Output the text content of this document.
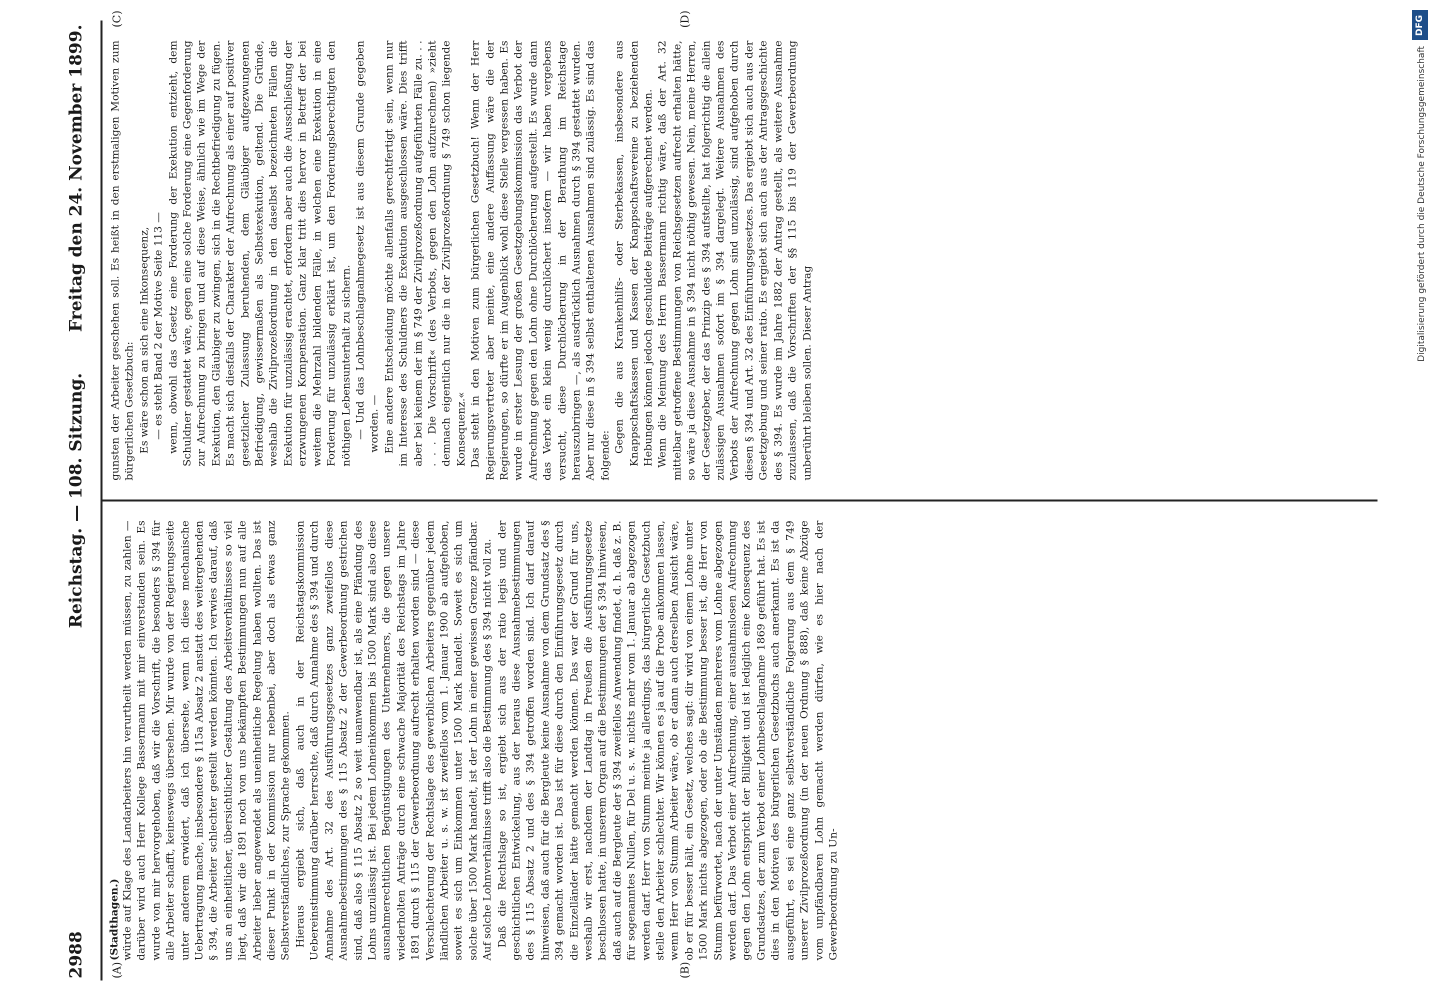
2988
Reichstag. — 108. Sitzung.
Freitag den 24. November 1899.
(A)	(B)
(C)	(D)
(Stadthagen.) würde auf Klage des Landarbeiters hin verurtheilt werden müssen, zu zahlen — darüber wird auch Herr Kollege Bassermann mit mir einverstanden sein. Es wurde von mir hervorgehoben, daß wir die Vorschrift, die besonders § 394 für alle Arbeiter schafft, keineswegs übersehen. Mir wurde von der Regierungsseite unter anderem erwidert, daß ich übersehe, wenn ich diese mechanische Uebertragung mache, insbesondere § 115a Absatz 2 anstatt des weitergehenden § 394, die Arbeiter schlechter gestellt werden könnten. Ich verwies darauf, daß uns an einheitlicher, übersichtlicher Gestaltung des Arbeitsverhältnisses so viel liegt, daß wir die 1891 noch von uns bekämpften Bestimmungen nun auf alle Arbeiter lieber angewendet als uneinheitliche Regelung haben wollten. Das ist dieser Punkt in der Kommission nur nebenbei, aber doch als etwas ganz Selbstverständliches, zur Sprache gekommen. Hieraus ergiebt sich, daß auch in der Reichstagskommission Uebereinstimmung darüber herrschte, daß durch Annahme des § 394 und durch Annahme des Art. 32 des Ausführungsgesetzes ganz zweifellos diese Ausnahmebestimmungen des § 115 Absatz 2 der Gewerbeordnung gestrichen sind, daß also § 115 Absatz 2 so weit unanwendbar ist, als eine Pfändung des Lohns unzulässig ist. Bei jedem Lohneinkommen bis 1500 Mark sind also diese ausnahmerechtlichen Begünstigungen des Unternehmers, die gegen unsere wiederholten Anträge durch eine schwache Majorität des Reichstags im Jahre 1891 durch § 115 der Gewerbeordnung aufrecht erhalten worden sind — diese Verschlechterung der Rechtslage des gewerblichen Arbeiters gegenüber jedem ländlichen Arbeiter u. s. w. ist zweifellos vom 1. Januar 1900 ab aufgehoben, soweit es sich um Einkommen unter 1500 Mark handelt. Soweit es sich um solche über 1500 Mark handelt, ist der Lohn in einer gewissen Grenze pfändbar. Auf solche Lohnverhältnisse trifft also die Bestimmung des § 394 nicht voll zu. Daß die Rechtslage so ist, ergiebt sich aus der ratio legis und der geschichtlichen Entwickelung, aus der heraus diese Ausnahmebestimmungen des § 115 Absatz 2 und des § 394 getroffen worden sind. Ich darf darauf hinweisen, daß auch für die Bergleute keine Ausnahme von dem Grundsatz des § 394 gemacht worden ist. Das ist für diese durch den Einführungsgesetz durch die Einzelländer hätte gemacht werden können. Das war der Grund für uns, weshalb wir erst, nachdem der Landtag in Preußen die Ausführungsgesetze beschlossen hatte, in unserem Organ auf die Bestimmungen der § 394 hinwiesen, daß auch auf die Bergleute der § 394 zweifellos Anwendung findet, d. h. daß z. B. für sogenanntes Nullen, für Del u. s. w. nichts mehr vom 1. Januar ab abgezogen werden darf. Herr von Stumm meinte ja allerdings, das bürgerliche Gesetzbuch stelle den Arbeiter schlechter. Wir können es ja auf die Probe ankommen lassen, wenn Herr von Stumm Arbeiter wäre, ob er dann auch derselben Ansicht wäre, ob er für besser hält, ein Gesetz, welches sagt: dir wird von einem Lohne unter 1500 Mark nichts abgezogen, oder ob die Bestimmung besser ist, die Herr von Stumm befürwortet, nach der unter Umständen mehreres vom Lohne abgezogen werden darf. Das Verbot einer Aufrechnung, einer ausnahmslosen Aufrechnung gegen den Lohn entspricht der Billigkeit und ist lediglich eine Konsequenz des Grundsatzes, der zum Verbot einer Lohnbeschlagnahme 1869 geführt hat. Es ist dies in den Motiven des bürgerlichen Gesetzbuchs auch anerkannt. Es ist da ausgeführt, es sei eine ganz selbstverständliche Folgerung aus dem § 749 unserer Zivilprozeßordnung (in der neuen Ordnung § 888), daß keine Abzüge vom unpfändbaren Lohn gemacht werden dürfen, wie es hier nach der Gewerbeordnung zu Un-

gunsten der Arbeiter geschehen soll. Es heißt in den erstmaligen Motiven zum bürgerlichen Gesetzbuch: Es wäre schon an sich eine Inkonsequenz, — es steht Band 2 der Motive Seite 113 — wenn, obwohl das Gesetz eine Forderung der Exekution entzieht, dem Schuldner gestattet wäre, gegen eine solche Forderung eine Gegenforderung zur Aufrechnung zu bringen und auf diese Weise, ähnlich wie im Wege der Exekution, den Gläubiger zu zwingen, sich in die Rechtbefriedigung zu fügen. Es macht sich diesfalls der Charakter der Aufrechnung als einer auf positiver gesetzlicher Zulassung beruhenden, dem Gläubiger aufgezwungenen Befriedigung, gewissermaßen als Selbstexekution, geltend. Die Gründe, weshalb die Zivilprozeßordnung in den daselbst bezeichneten Fällen die Exekution für unzulässig erachtet, erfordern aber auch die Ausschließung der erzwungenen Kompensation. Ganz klar tritt dies hervor in Betreff der bei weitem die Mehrzahl bildenden Fälle, in welchen eine Exekution in eine Forderung für unzulässig erklärt ist, um den Forderungsberechtigten den nöthigen Lebensunterhalt zu sichern. — Und das Lohnbeschlagnahmegesetz ist aus diesem Grunde gegeben worden. — Eine andere Entscheidung möchte allenfalls gerechtfertigt sein, wenn nur im Interesse des Schuldners die Exekution ausgeschlossen wäre. Dies trifft aber bei keinem der im § 749 der Zivilprozeßordnung aufgeführten Fälle zu. . . . . . Die Vorschrift« (des Verbots, gegen den Lohn aufzurechnen) »zieht demnach eigentlich nur die in der Zivilprozeßordnung § 749 schon liegende Konsequenz.« Das steht in den Motiven zum bürgerlichen Gesetzbuch! Wenn der Herr Regierungsvertreter aber meinte, eine andere Auffassung wäre die der Regierungen, so dürfte er im Augenblick wohl diese Stelle vergessen haben. Es wurde in erster Lesung der großen Gesetzgebungskommission das Verbot der Aufrechnung gegen den Lohn ohne Durchlöcherung aufgestellt. Es wurde dann das Verbot ein klein wenig durchlöchert insofern — wir haben vergebens versucht, diese Durchlöcherung in der Berathung im Reichstage herauszubringen —, als ausdrücklich Ausnahmen durch § 394 gestattet wurden. Aber nur diese in § 394 selbst enthaltenen Ausnahmen sind zulässig. Es sind das folgende:

Gegen die aus Krankenhilfs- oder Sterbekassen, insbesondere aus Knappschaftskassen und Kassen der Knappschaftsvereine zu beziehenden Hebungen können jedoch geschuldete Beiträge aufgerechnet werden. Wenn die Meinung des Herrn Bassermann richtig wäre, daß der Art. 32 mittelbar getroffene Bestimmungen von Reichsgesetzen aufrecht erhalten hätte, so wäre ja diese Ausnahme in § 394 nicht nöthig gewesen. Nein, meine Herren, der Gesetzgeber, der das Prinzip des § 394 aufstellte, hat folgerichtig die allein zulässigen Ausnahmen sofort im § 394 dargelegt. Weitere Ausnahmen des Verbots der Aufrechnung gegen Lohn sind unzulässig, sind aufgehoben durch diesen § 394 und Art. 32 des Einführungsgesetzes. Das ergiebt sich auch aus der Gesetzgebung und seiner ratio. Es ergiebt sich auch aus der Antragsgeschichte des § 394. Es wurde im Jahre 1882 der Antrag gestellt, als weitere Ausnahme zuzulassen, daß die Vorschriften der §§ 115 bis 119 der Gewerbeordnung unberührt bleiben sollen. Dieser Antrag

DFG
Digitalisierung gefördert durch die Deutsche Forschungsgemeinschaft
